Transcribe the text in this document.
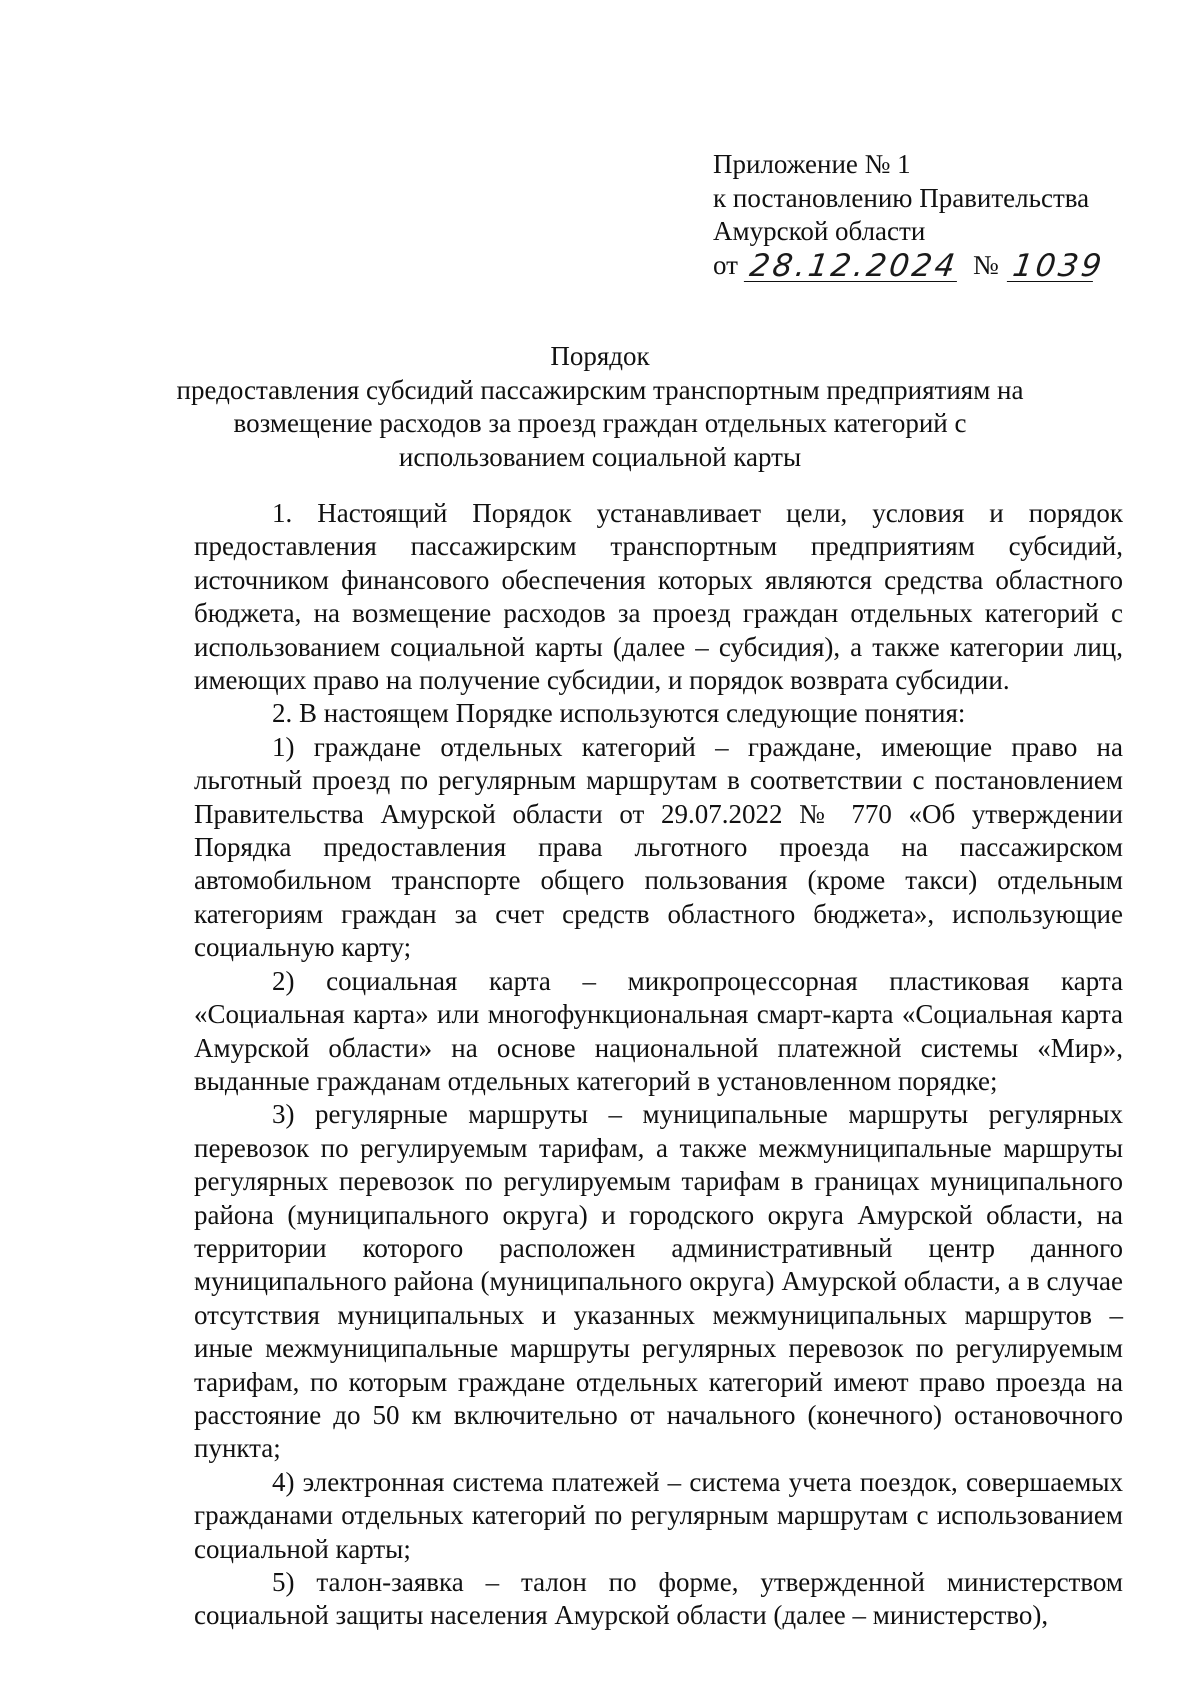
Приложение № 1
к постановлению Правительства
Амурской области
от 28.12.2024 № 1039
Порядок
предоставления субсидий пассажирским транспортным предприятиям на
возмещение расходов за проезд граждан отдельных категорий с
использованием социальной карты

1. Настоящий Порядок устанавливает цели, условия и порядок предоставления пассажирским транспортным предприятиям субсидий, источником финансового обеспечения которых являются средства областного бюджета, на возмещение расходов за проезд граждан отдельных категорий с использованием социальной карты (далее – субсидия), а также категории лиц, имеющих право на получение субсидии, и порядок возврата субсидии.

2. В настоящем Порядке используются следующие понятия:

1) граждане отдельных категорий – граждане, имеющие право на льготный проезд по регулярным маршрутам в соответствии с постановлением Правительства Амурской области от 29.07.2022 № 770 «Об утверждении Порядка предоставления права льготного проезда на пассажирском автомобильном транспорте общего пользования (кроме такси) отдельным категориям граждан за счет средств областного бюджета», использующие социальную карту;

2) социальная карта – микропроцессорная пластиковая карта «Социальная карта» или многофункциональная смарт-карта «Социальная карта Амурской области» на основе национальной платежной системы «Мир», выданные гражданам отдельных категорий в установленном порядке;

3) регулярные маршруты – муниципальные маршруты регулярных перевозок по регулируемым тарифам, а также межмуниципальные маршруты регулярных перевозок по регулируемым тарифам в границах муниципального района (муниципального округа) и городского округа Амурской области, на территории которого расположен административный центр данного муниципального района (муниципального округа) Амурской области, а в случае отсутствия муниципальных и указанных межмуниципальных маршрутов – иные межмуниципальные маршруты регулярных перевозок по регулируемым тарифам, по которым граждане отдельных категорий имеют право проезда на расстояние до 50 км включительно от начального (конечного) остановочного пункта;

4) электронная система платежей – система учета поездок, совершаемых гражданами отдельных категорий по регулярным маршрутам с использованием социальной карты;

5) талон-заявка – талон по форме, утвержденной министерством социальной защиты населения Амурской области (далее – министерство),
